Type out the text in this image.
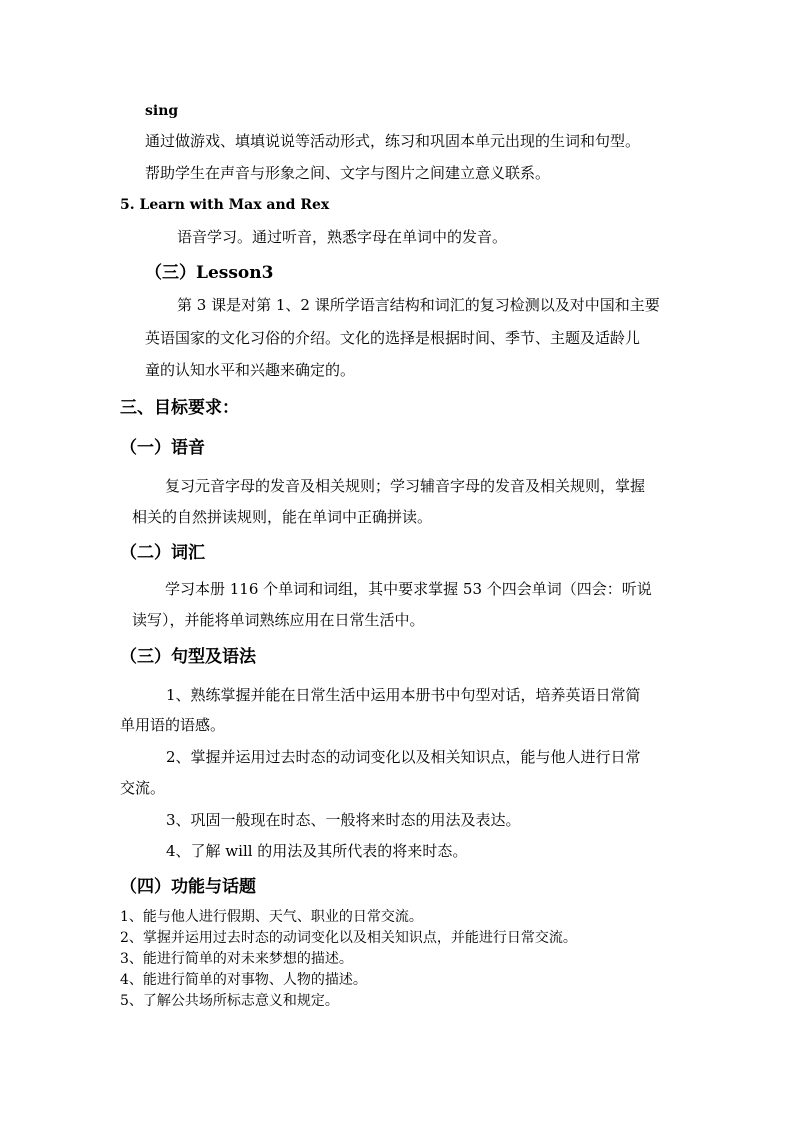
sing
通过做游戏、填填说说等活动形式，练习和巩固本单元出现的生词和句型。
帮助学生在声音与形象之间、文字与图片之间建立意义联系。
5. Learn with Max and Rex
语音学习。通过听音，熟悉字母在单词中的发音。
（三）Lesson3
第 3 课是对第 1、2 课所学语言结构和词汇的复习检测以及对中国和主要
英语国家的文化习俗的介绍。文化的选择是根据时间、季节、主题及适龄儿
童的认知水平和兴趣来确定的。
三、目标要求：
（一）语音
复习元音字母的发音及相关规则；学习辅音字母的发音及相关规则，掌握
相关的自然拼读规则，能在单词中正确拼读。
（二）词汇
学习本册 116 个单词和词组，其中要求掌握 53 个四会单词（四会：听说
读写），并能将单词熟练应用在日常生活中。
（三）句型及语法
1、熟练掌握并能在日常生活中运用本册书中句型对话，培养英语日常简
单用语的语感。
2、掌握并运用过去时态的动词变化以及相关知识点，能与他人进行日常
交流。
3、巩固一般现在时态、一般将来时态的用法及表达。
4、了解 will 的用法及其所代表的将来时态。
（四）功能与话题
1、能与他人进行假期、天气、职业的日常交流。
2、掌握并运用过去时态的动词变化以及相关知识点，并能进行日常交流。
3、能进行简单的对未来梦想的描述。
4、能进行简单的对事物、人物的描述。
5、了解公共场所标志意义和规定。
